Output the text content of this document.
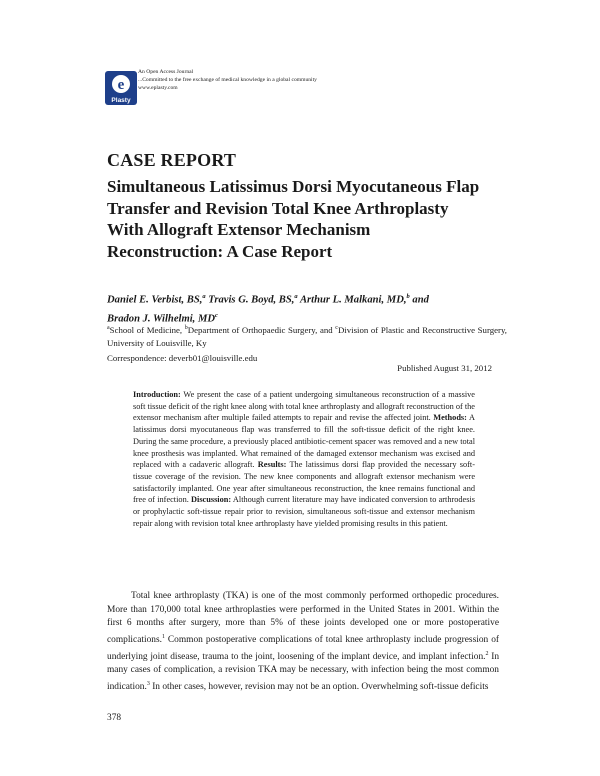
e
Plasty
An Open Access Journal
...Committed to the free exchange of medical knowledge in a global community
www.eplasty.com
CASE REPORT
Simultaneous Latissimus Dorsi Myocutaneous Flap Transfer and Revision Total Knee Arthroplasty With Allograft Extensor Mechanism Reconstruction: A Case Report
Daniel E. Verbist, BS,$^a$ Travis G. Boyd, BS,$^a$ Arthur L. Malkani, MD,$^b$ and
Bradon J. Wilhelmi, $MD^c$
$^a$School of Medicine, $^b$Department of Orthopaedic Surgery, and $^c$Division of Plastic and Reconstructive Surgery, University of Louisville, Ky
Correspondence: deverb01@louisville.edu
Published August 31, 2012
Introduction: We present the case of a patient undergoing simultaneous reconstruction of a massive soft tissue deficit of the right knee along with total knee arthroplasty and allograft reconstruction of the extensor mechanism after multiple failed attempts to repair and revise the affected joint. Methods: A latissimus dorsi myocutaneous flap was transferred to fill the soft-tissue deficit of the right knee. During the same procedure, a previously placed antibiotic-cement spacer was removed and a new total knee prosthesis was implanted. What remained of the damaged extensor mechanism was excised and replaced with a cadaveric allograft. Results: The latissimus dorsi flap provided the necessary soft-tissue coverage of the revision. The new knee components and allograft extensor mechanism were satisfactorily implanted. One year after simultaneous reconstruction, the knee remains functional and free of infection. Discussion: Although current literature may have indicated conversion to arthrodesis or prophylactic soft-tissue repair prior to revision, simultaneous soft-tissue and extensor mechanism repair along with revision total knee arthroplasty have yielded promising results in this patient.

Total knee arthroplasty (TKA) is one of the most commonly performed orthopedic procedures. More than 170,000 total knee arthroplasties were performed in the United States in 2001. Within the first 6 months after surgery, more than 5% of these joints developed one or more postoperative complications.$^1$ Common postoperative complications of total knee arthroplasty include progression of underlying joint disease, trauma to the joint, loosening of the implant device, and implant infection.$^2$ In many cases of complication, a revision TKA may be necessary, with infection being the most common indication.$^3$ In other cases, however, revision may not be an option. Overwhelming soft-tissue deficits

378
